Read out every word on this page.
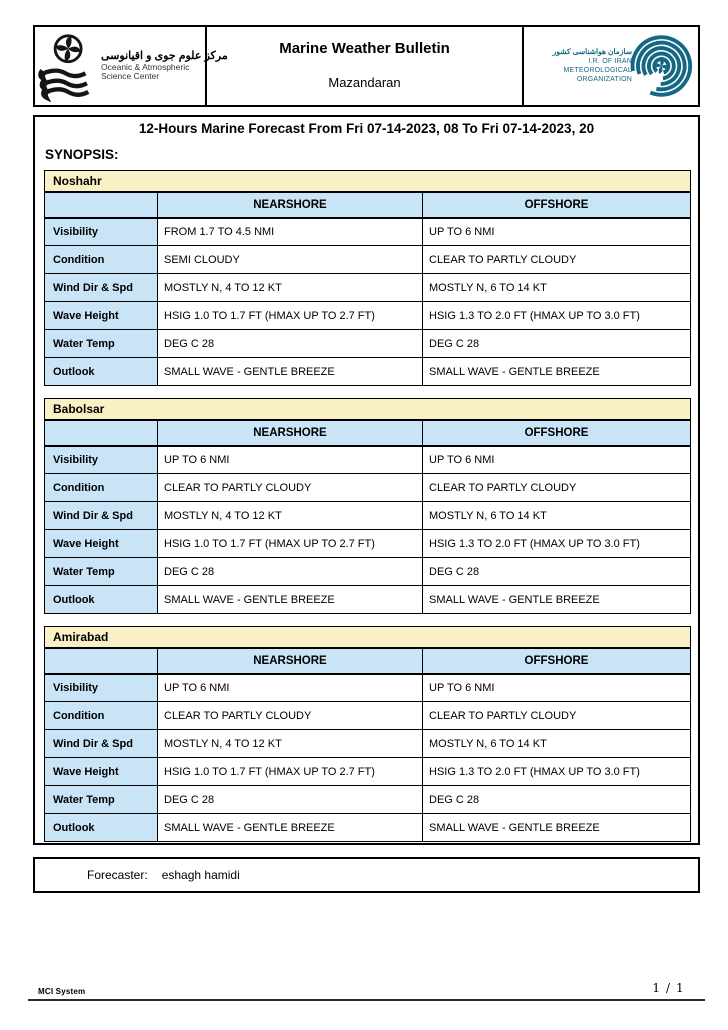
مرکز علوم جوی و اقیانوسی
Oceanic & Atmospheric
Science Center
Marine Weather Bulletin
Mazandaran
سازمان هواشناسی کشور
I.R. OF IRAN
METEOROLOGICAL
ORGANIZATION
12-Hours Marine Forecast From Fri 07-14-2023, 08 To Fri 07-14-2023, 20
SYNOPSIS:
Noshahr		
	NEARSHORE	OFFSHORE
Visibility	FROM 1.7 TO 4.5 NMI	UP TO 6 NMI
Condition	SEMI CLOUDY	CLEAR TO PARTLY CLOUDY
Wind Dir & Spd	MOSTLY N, 4 TO 12 KT	MOSTLY N, 6 TO 14 KT
Wave Height	HSIG 1.0 TO 1.7 FT (HMAX UP TO 2.7 FT)	HSIG 1.3 TO 2.0 FT (HMAX UP TO 3.0 FT)
Water Temp	DEG C 28	DEG C 28
Outlook	SMALL WAVE - GENTLE BREEZE	SMALL WAVE - GENTLE BREEZE
Babolsar		
	NEARSHORE	OFFSHORE
Visibility	UP TO 6 NMI	UP TO 6 NMI
Condition	CLEAR TO PARTLY CLOUDY	CLEAR TO PARTLY CLOUDY
Wind Dir & Spd	MOSTLY N, 4 TO 12 KT	MOSTLY N, 6 TO 14 KT
Wave Height	HSIG 1.0 TO 1.7 FT (HMAX UP TO 2.7 FT)	HSIG 1.3 TO 2.0 FT (HMAX UP TO 3.0 FT)
Water Temp	DEG C 28	DEG C 28
Outlook	SMALL WAVE - GENTLE BREEZE	SMALL WAVE - GENTLE BREEZE
Amirabad		
	NEARSHORE	OFFSHORE
Visibility	UP TO 6 NMI	UP TO 6 NMI
Condition	CLEAR TO PARTLY CLOUDY	CLEAR TO PARTLY CLOUDY
Wind Dir & Spd	MOSTLY N, 4 TO 12 KT	MOSTLY N, 6 TO 14 KT
Wave Height	HSIG 1.0 TO 1.7 FT (HMAX UP TO 2.7 FT)	HSIG 1.3 TO 2.0 FT (HMAX UP TO 3.0 FT)
Water Temp	DEG C 28	DEG C 28
Outlook	SMALL WAVE - GENTLE BREEZE	SMALL WAVE - GENTLE BREEZE
Forecaster: eshagh hamidi
MCI System	1 / 1
